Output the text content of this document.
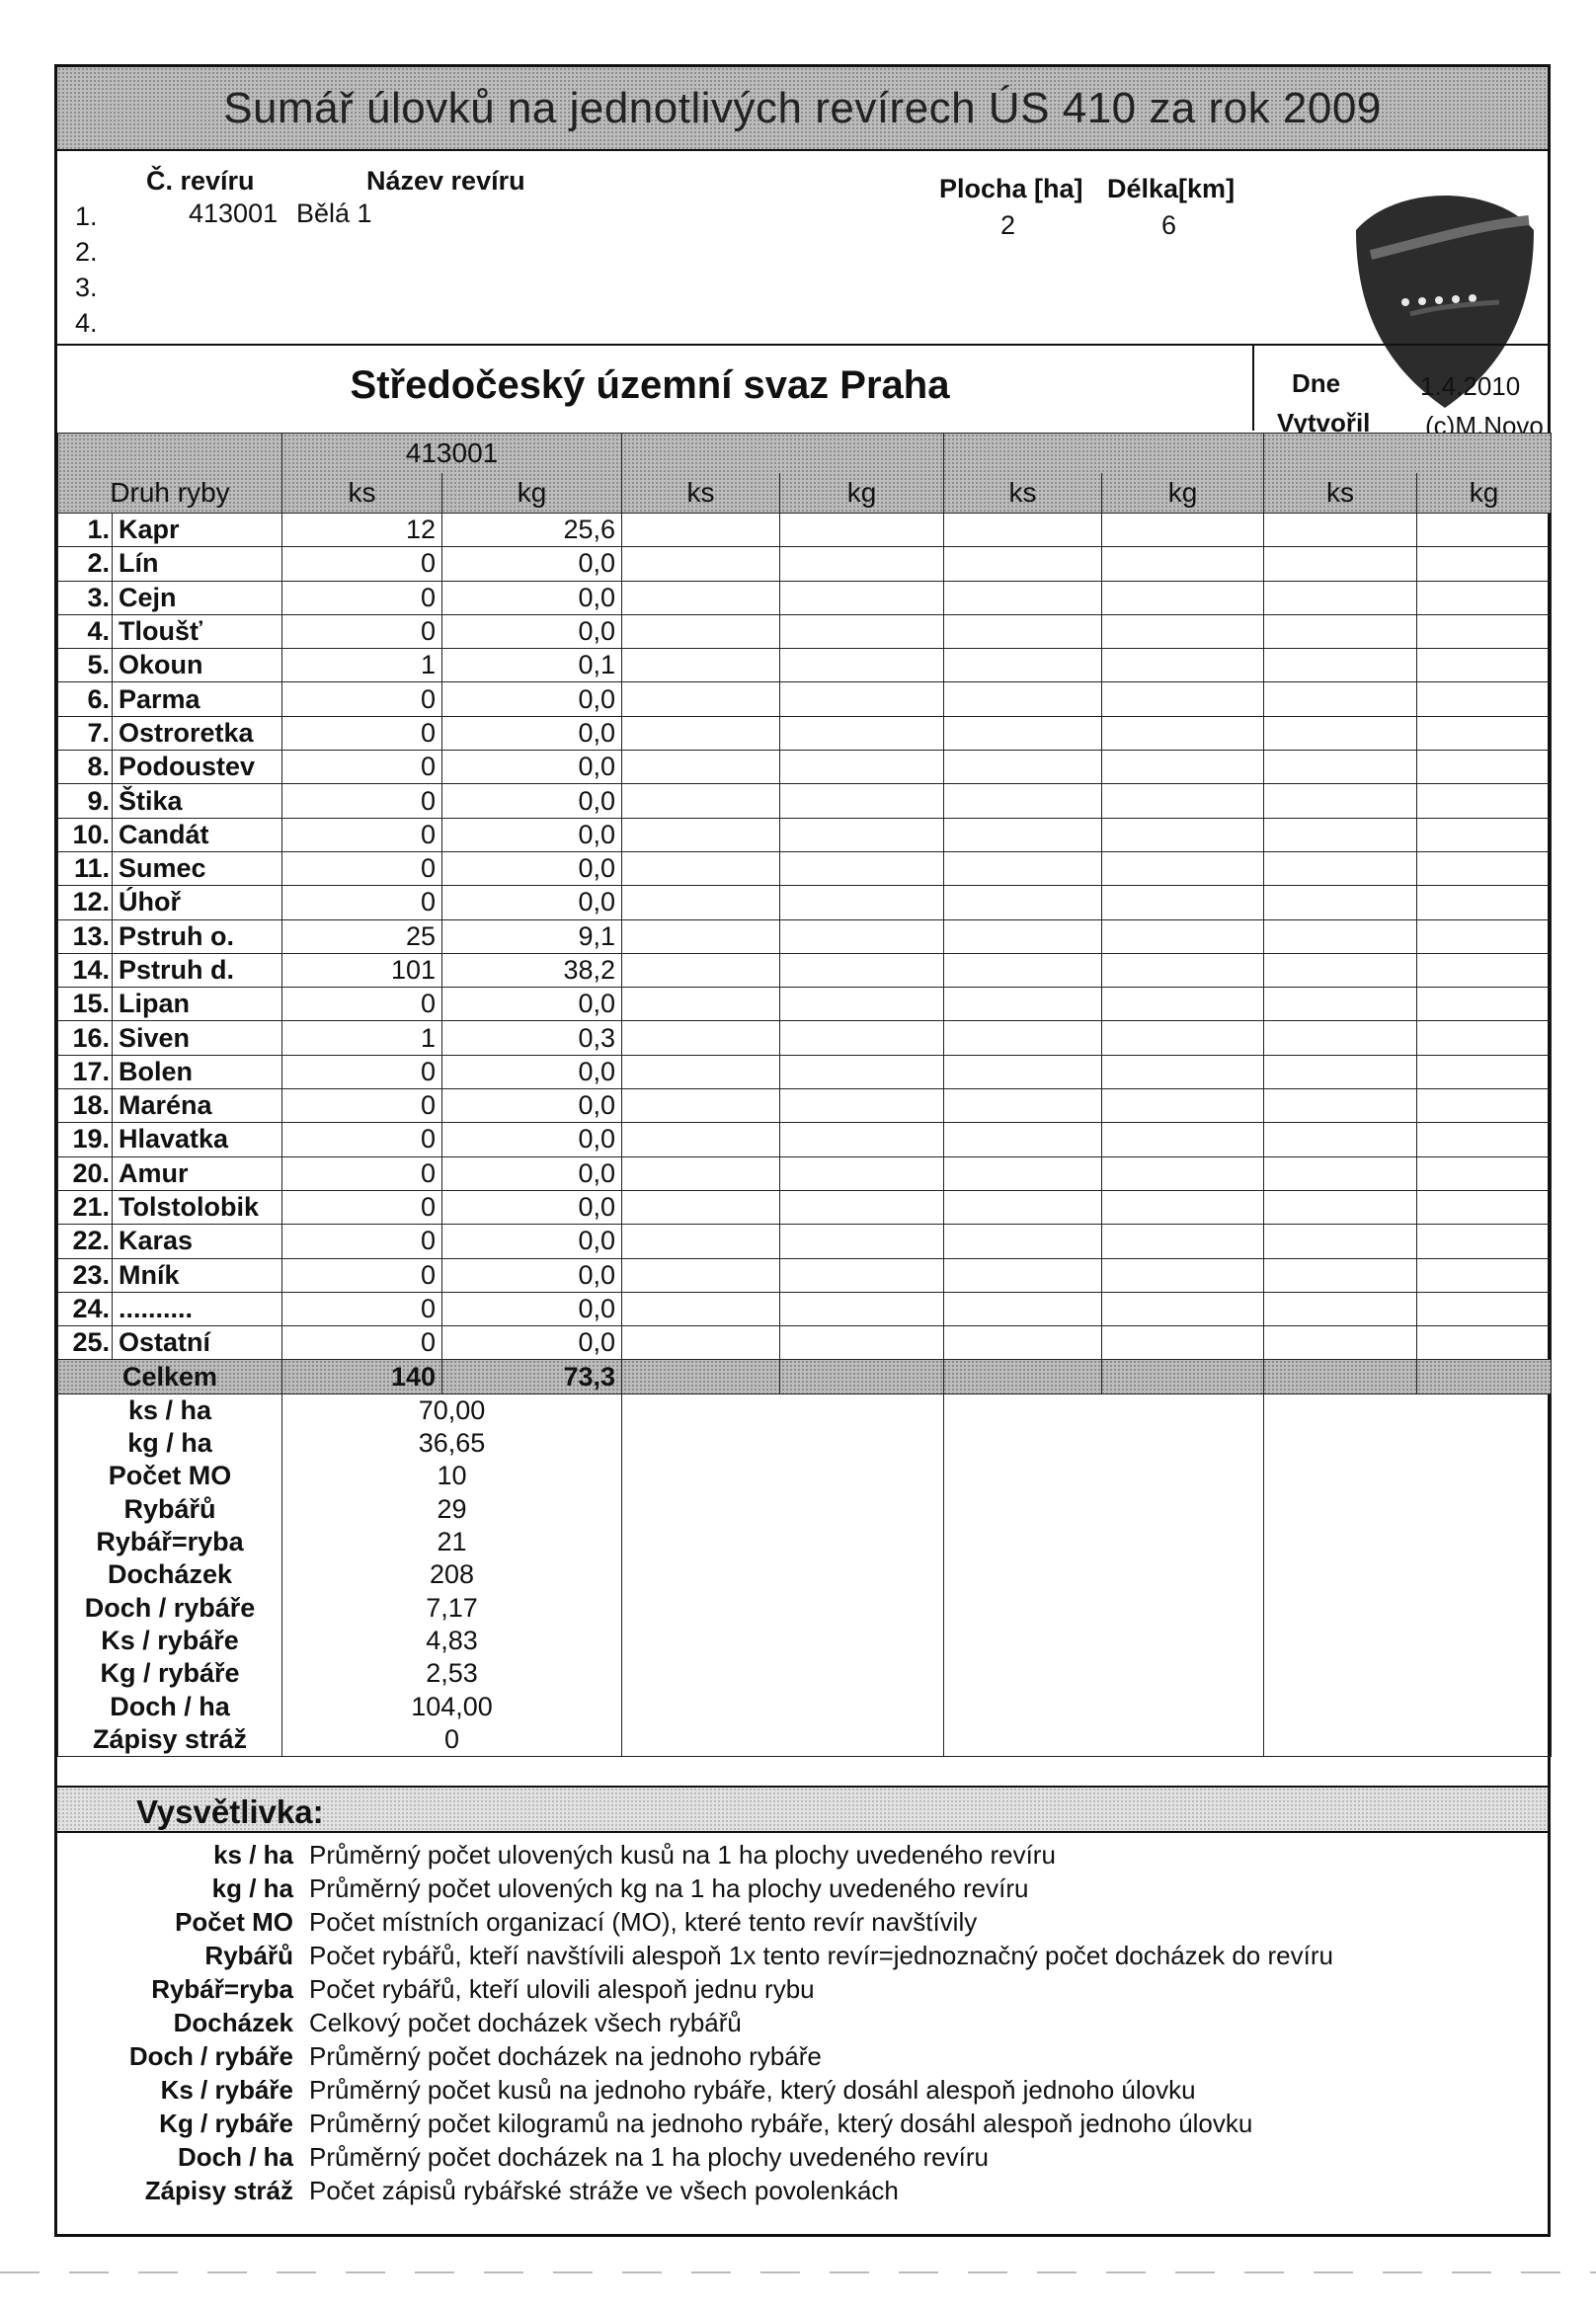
Sumář úlovků na jednotlivých revírech ÚS 410 za rok 2009
Č. revíru	Název revíru	Plocha [ha] Délka[km]
1.	413001 Bělá 1	2	6
2.
3.
4.
Středočeský územní svaz Praha	Dne	1.4.2010
Vytvořil (c)M.Novo
		413001							
Druh ryby		ks	kg	ks	kg	ks	kg	ks	kg
1.	Kapr	12	25,6						
2.	Lín	0	0,0						
3.	Cejn	0	0,0						
4.	Tloušť	0	0,0						
5.	Okoun	1	0,1						
6.	Parma	0	0,0						
7.	Ostroretka	0	0,0						
8.	Podoustev	0	0,0						
9.	Štika	0	0,0						
10.	Candát	0	0,0						
11.	Sumec	0	0,0						
12.	Úhoř	0	0,0						
13.	Pstruh o.	25	9,1						
14.	Pstruh d.	101	38,2						
15.	Lipan	0	0,0						
16.	Siven	1	0,3						
17.	Bolen	0	0,0						
18.	Maréna	0	0,0						
19.	Hlavatka	0	0,0						
20.	Amur	0	0,0						
21.	Tolstolobik	0	0,0						
22.	Karas	0	0,0						
23.	Mník	0	0,0						
24.	..........	0	0,0						
25.	Ostatní	0	0,0						
Celkem		140	73,3						
ks / ha		70,00							
kg / ha		36,65							
Počet MO		10							
Rybářů		29							
Rybář=ryba		21							
Docházek		208							
Doch / rybáře		7,17							
Ks / rybáře		4,83							
Kg / rybáře		2,53							
Doch / ha		104,00							
Zápisy stráž		0							
Vysvětlivka:
ks / ha Průměrný počet ulovených kusů na 1 ha plochy uvedeného revíru
kg / ha Průměrný počet ulovených kg na 1 ha plochy uvedeného revíru
Počet MO Počet místních organizací (MO), které tento revír navštívily
Rybářů Počet rybářů, kteří navštívili alespoň 1x tento revír=jednoznačný počet docházek do revíru
Rybář=ryba Počet rybářů, kteří ulovili alespoň jednu rybu
Docházek Celkový počet docházek všech rybářů
Doch / rybáře Průměrný počet docházek na jednoho rybáře
Ks / rybáře Průměrný počet kusů na jednoho rybáře, který dosáhl alespoň jednoho úlovku
Kg / rybáře Průměrný počet kilogramů na jednoho rybáře, který dosáhl alespoň jednoho úlovku
Doch / ha Průměrný počet docházek na 1 ha plochy uvedeného revíru
Zápisy stráž Počet zápisů rybářské stráže ve všech povolenkách
